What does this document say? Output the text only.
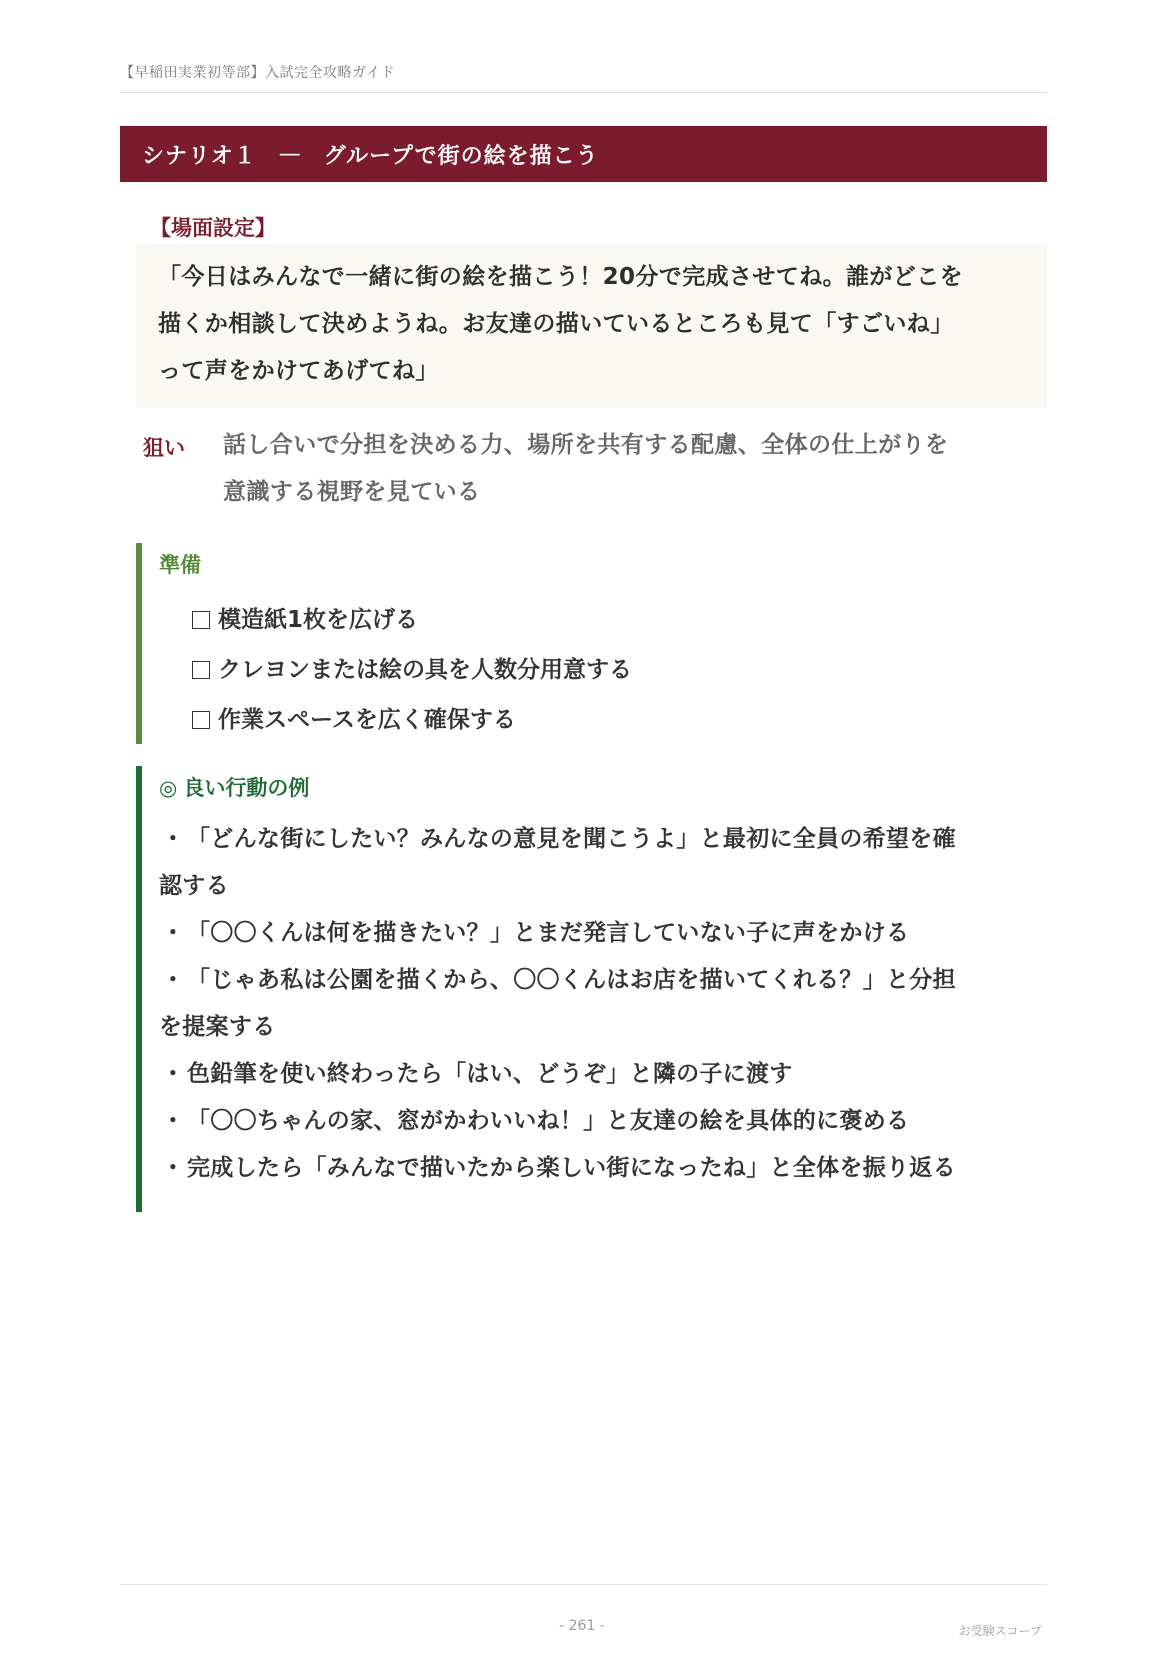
【早稲田実業初等部】入試完全攻略ガイド
シナリオ１ — グループで街の絵を描こう
【場面設定】
「今日はみんなで一緒に街の絵を描こう！20分で完成させてね。誰がどこを
描くか相談して決めようね。お友達の描いているところも見て「すごいね」
って声をかけてあげてね」
狙い 話し合いで分担を決める力、場所を共有する配慮、全体の仕上がりを
意識する視野を見ている
準備
模造紙1枚を広げる
クレヨンまたは絵の具を人数分用意する
作業スペースを広く確保する
◎ 良い行動の例
・ 「どんな街にしたい？みんなの意見を聞こうよ」と最初に全員の希望を確
認する
・ 「〇〇くんは何を描きたい？」とまだ発言していない子に声をかける
・ 「じゃあ私は公園を描くから、〇〇くんはお店を描いてくれる？」と分担
を提案する
・ 色鉛筆を使い終わったら「はい、どうぞ」と隣の子に渡す
・ 「〇〇ちゃんの家、窓がかわいいね！」と友達の絵を具体的に褒める
・ 完成したら「みんなで描いたから楽しい街になったね」と全体を振り返る
- 261 -	お受験スコープ
